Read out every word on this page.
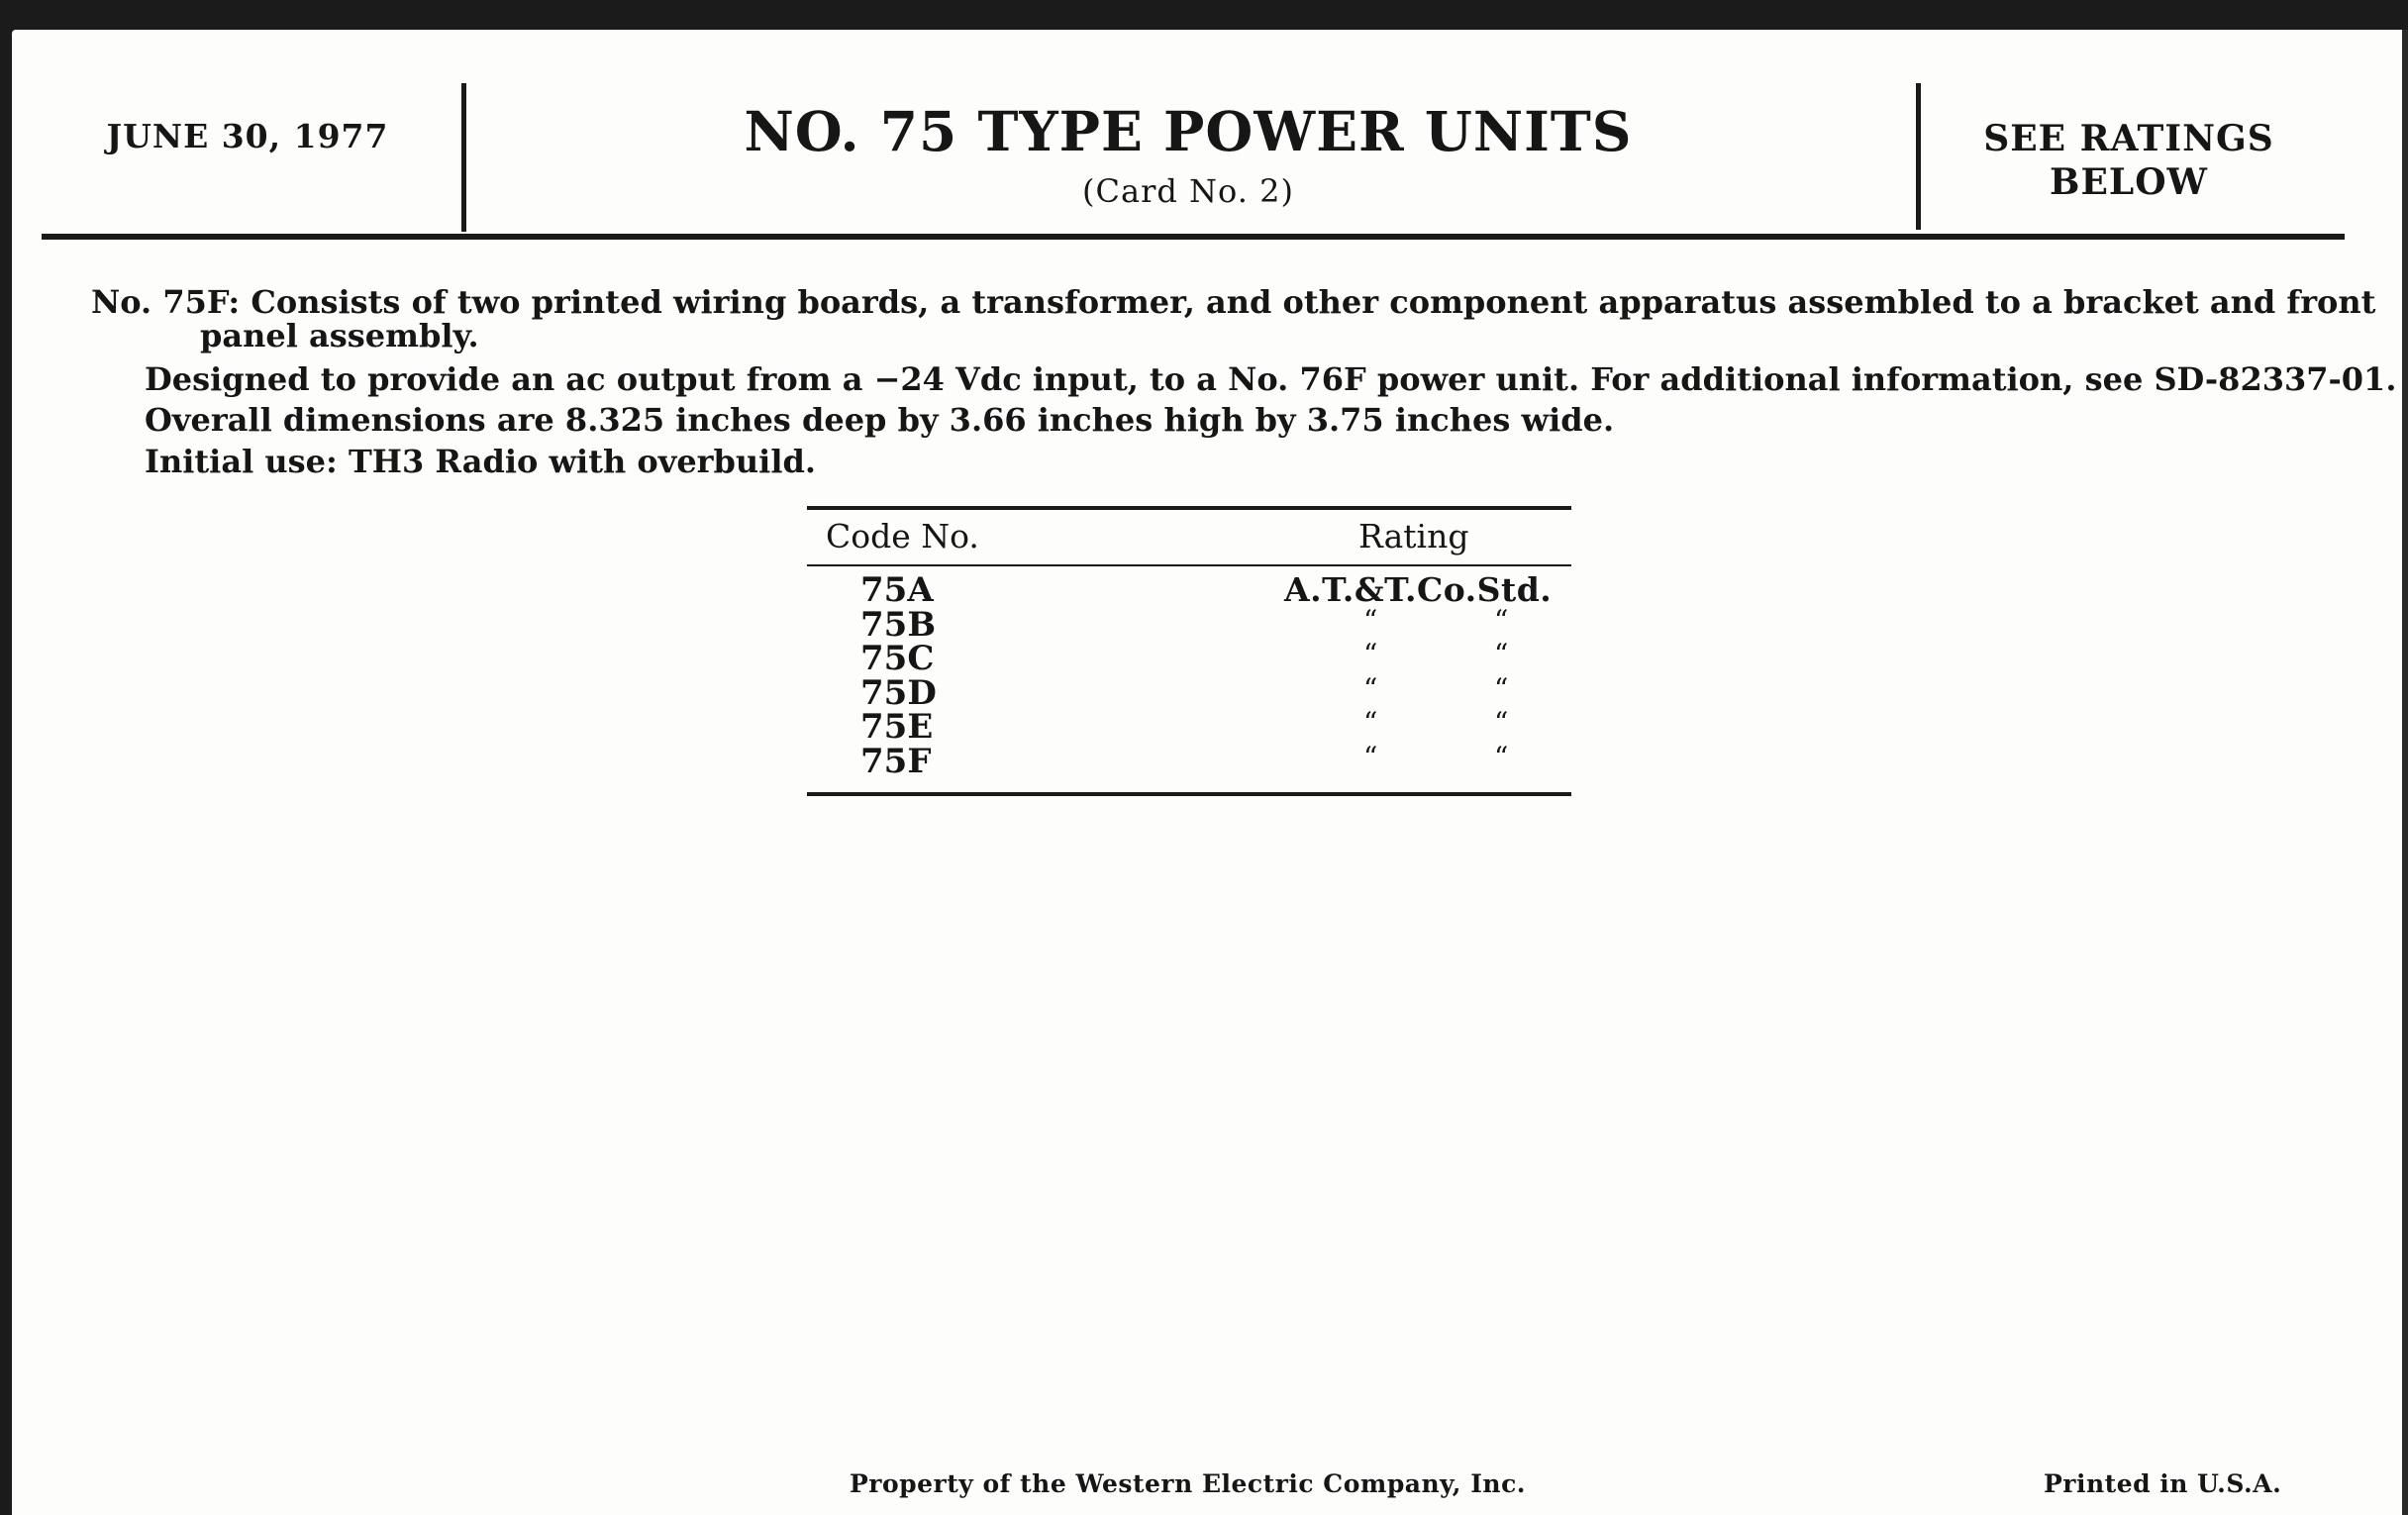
JUNE 30, 1977	NO. 75 TYPE POWER UNITS
(Card No. 2)
SEE RATINGS
BELOW
No. 75F: Consists of two printed wiring boards, a transformer, and other component apparatus assembled to a bracket and front
panel assembly.
Designed to provide an ac output from a −24 Vdc input, to a No. 76F power unit. For additional information, see SD-82337-01.
Overall dimensions are 8.325 inches deep by 3.66 inches high by 3.75 inches wide.
Initial use: TH3 Radio with overbuild.
Code No.	Rating
75A	A.T.&T.Co.Std.
75B	“	“
75C	“	“
75D	“	“
75E	“	“
75F	“	“
Property of the Western Electric Company, Inc.	Printed in U.S.A.
